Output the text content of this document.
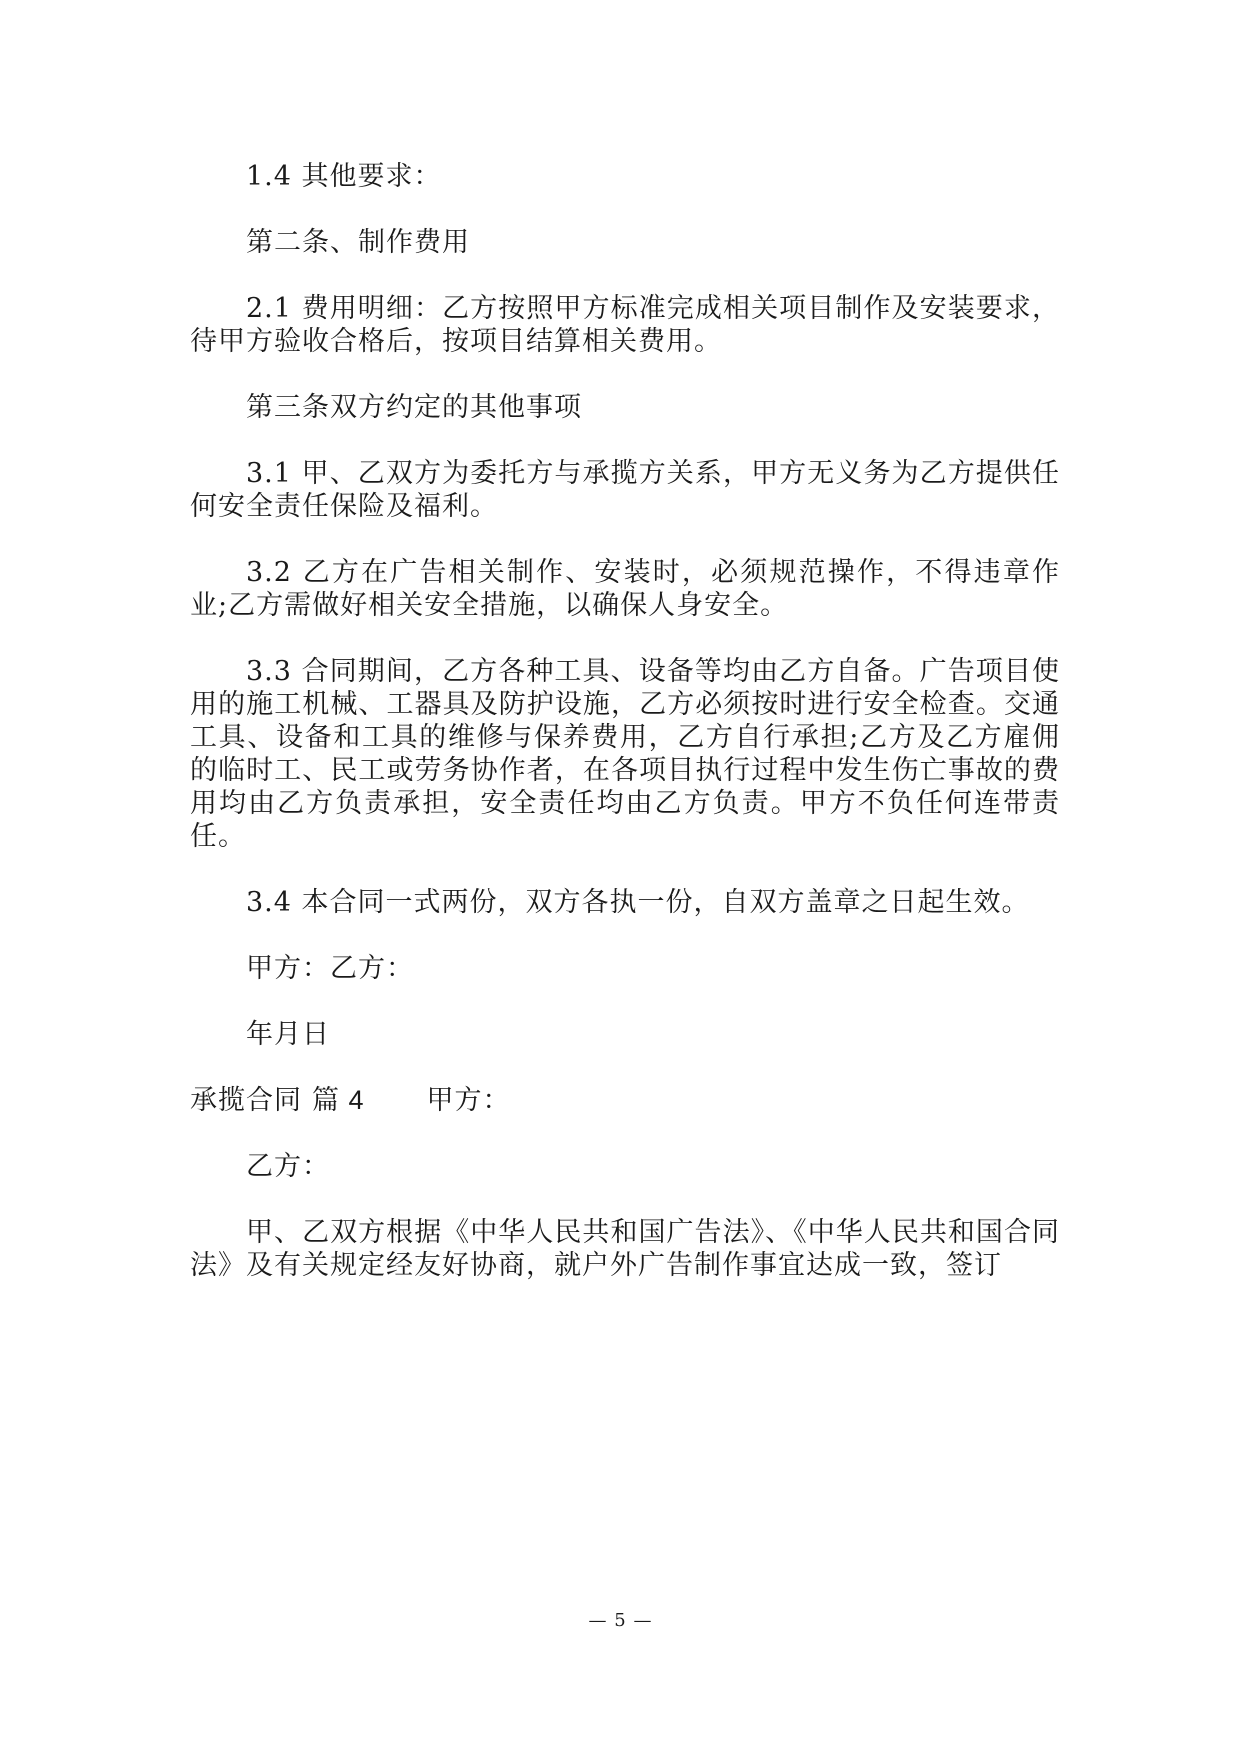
1.4 其他要求：

第二条、制作费用

2.1 费用明细：乙方按照甲方标准完成相关项目制作及安装要求，待甲方验收合格后，按项目结算相关费用。

第三条双方约定的其他事项

3.1 甲、乙双方为委托方与承揽方关系，甲方无义务为乙方提供任何安全责任保险及福利。

3.2 乙方在广告相关制作、安装时，必须规范操作，不得违章作业;乙方需做好相关安全措施，以确保人身安全。

3.3 合同期间，乙方各种工具、设备等均由乙方自备。广告项目使用的施工机械、工器具及防护设施，乙方必须按时进行安全检查。交通工具、设备和工具的维修与保养费用，乙方自行承担;乙方及乙方雇佣的临时工、民工或劳务协作者，在各项目执行过程中发生伤亡事故的费用均由乙方负责承担，安全责任均由乙方负责。甲方不负任何连带责任。

3.4 本合同一式两份，双方各执一份，自双方盖章之日起生效。

甲方：乙方：

年月日

承揽合同 篇 4 甲方：

乙方：

甲、乙双方根据《中华人民共和国广告法》、《中华人民共和国合同法》及有关规定经友好协商，就户外广告制作事宜达成一致，签订

— 5 —
